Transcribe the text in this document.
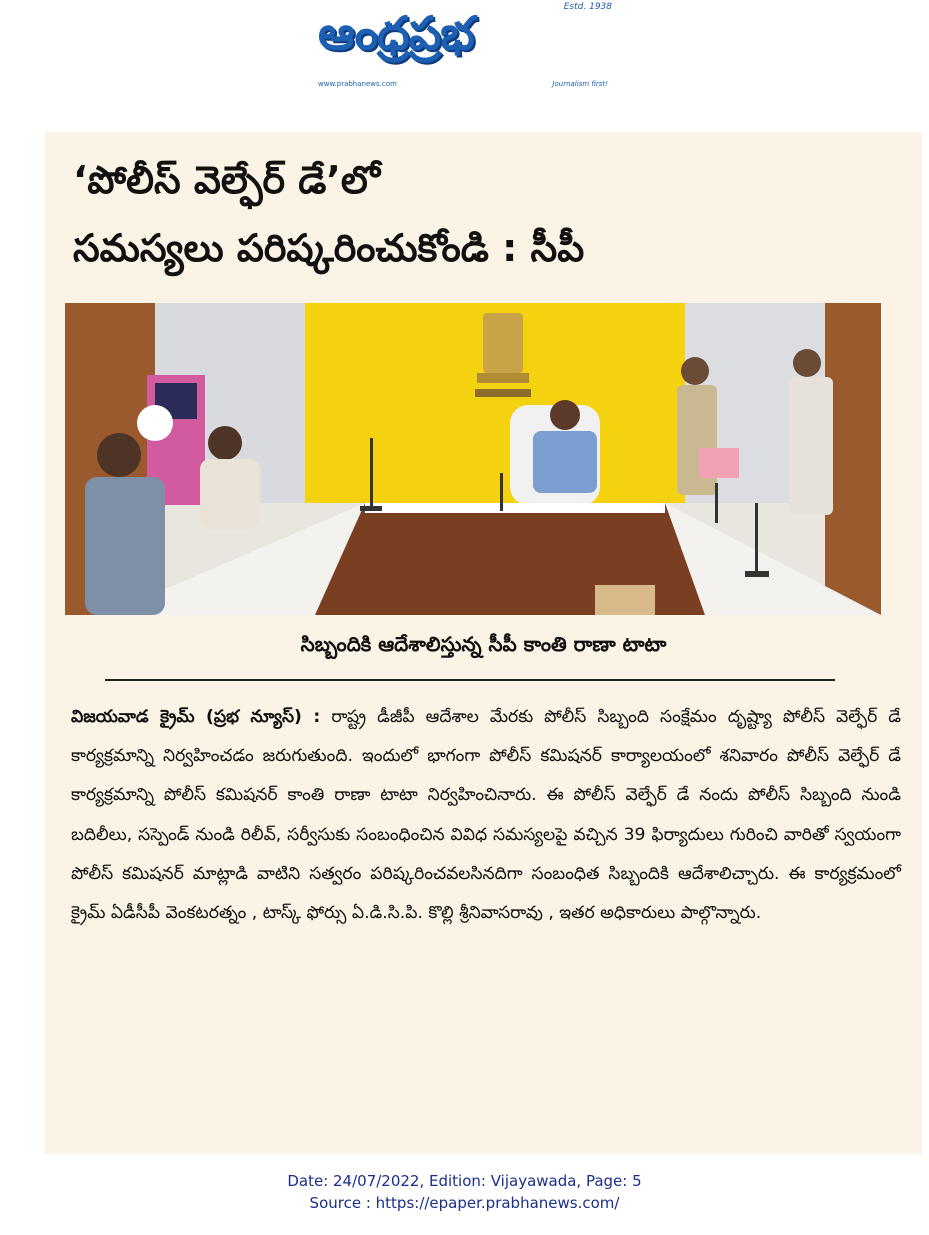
ఆంధ్రప్రభ	Estd. 1938
www.prabhanews.com	Journalism first!
‘పోలీస్ వెల్ఫేర్ డే’లో
సమస్యలు పరిష్కరించుకోండి : సీపీ
సిబ్బందికి ఆదేశాలిస్తున్న సీపీ కాంతి రాణా టాటా
విజయవాడ క్రైమ్ (ప్రభ న్యూస్) : రాష్ట్ర డీజీపీ ఆదేశాల మేరకు పోలీస్ సిబ్బంది సంక్షేమం దృష్ట్యా పోలీస్ వెల్ఫేర్ డే కార్యక్రమాన్ని నిర్వహించడం జరుగుతుంది. ఇందులో భాగంగా పోలీస్ కమిషనర్ కార్యాలయంలో శనివారం పోలీస్ వెల్ఫేర్ డే కార్యక్రమాన్ని పోలీస్ కమిషనర్ కాంతి రాణా టాటా నిర్వహించినారు. ఈ పోలీస్ వెల్ఫేర్ డే నందు పోలీస్ సిబ్బంది నుండి బదిలీలు, సస్పెండ్ నుండి రిలీవ్, సర్వీసుకు సంబంధించిన వివిధ సమస్యలపై వచ్చిన 39 ఫిర్యాదులు గురించి వారితో స్వయంగా పోలీస్ కమిషనర్ మాట్లాడి వాటిని సత్వరం పరిష్కరించవలసినదిగా సంబంధిత సిబ్బందికి ఆదేశాలిచ్చారు. ఈ కార్యక్రమంలో క్రైమ్ ఏడీసీపీ వెంకటరత్నం , టాస్క్ ఫోర్సు ఏ.డి.సి.పి. కొల్లి శ్రీనివాసరావు , ఇతర అధికారులు పాల్గొన్నారు.
Date: 24/07/2022, Edition: Vijayawada, Page: 5
Source : https://epaper.prabhanews.com/
